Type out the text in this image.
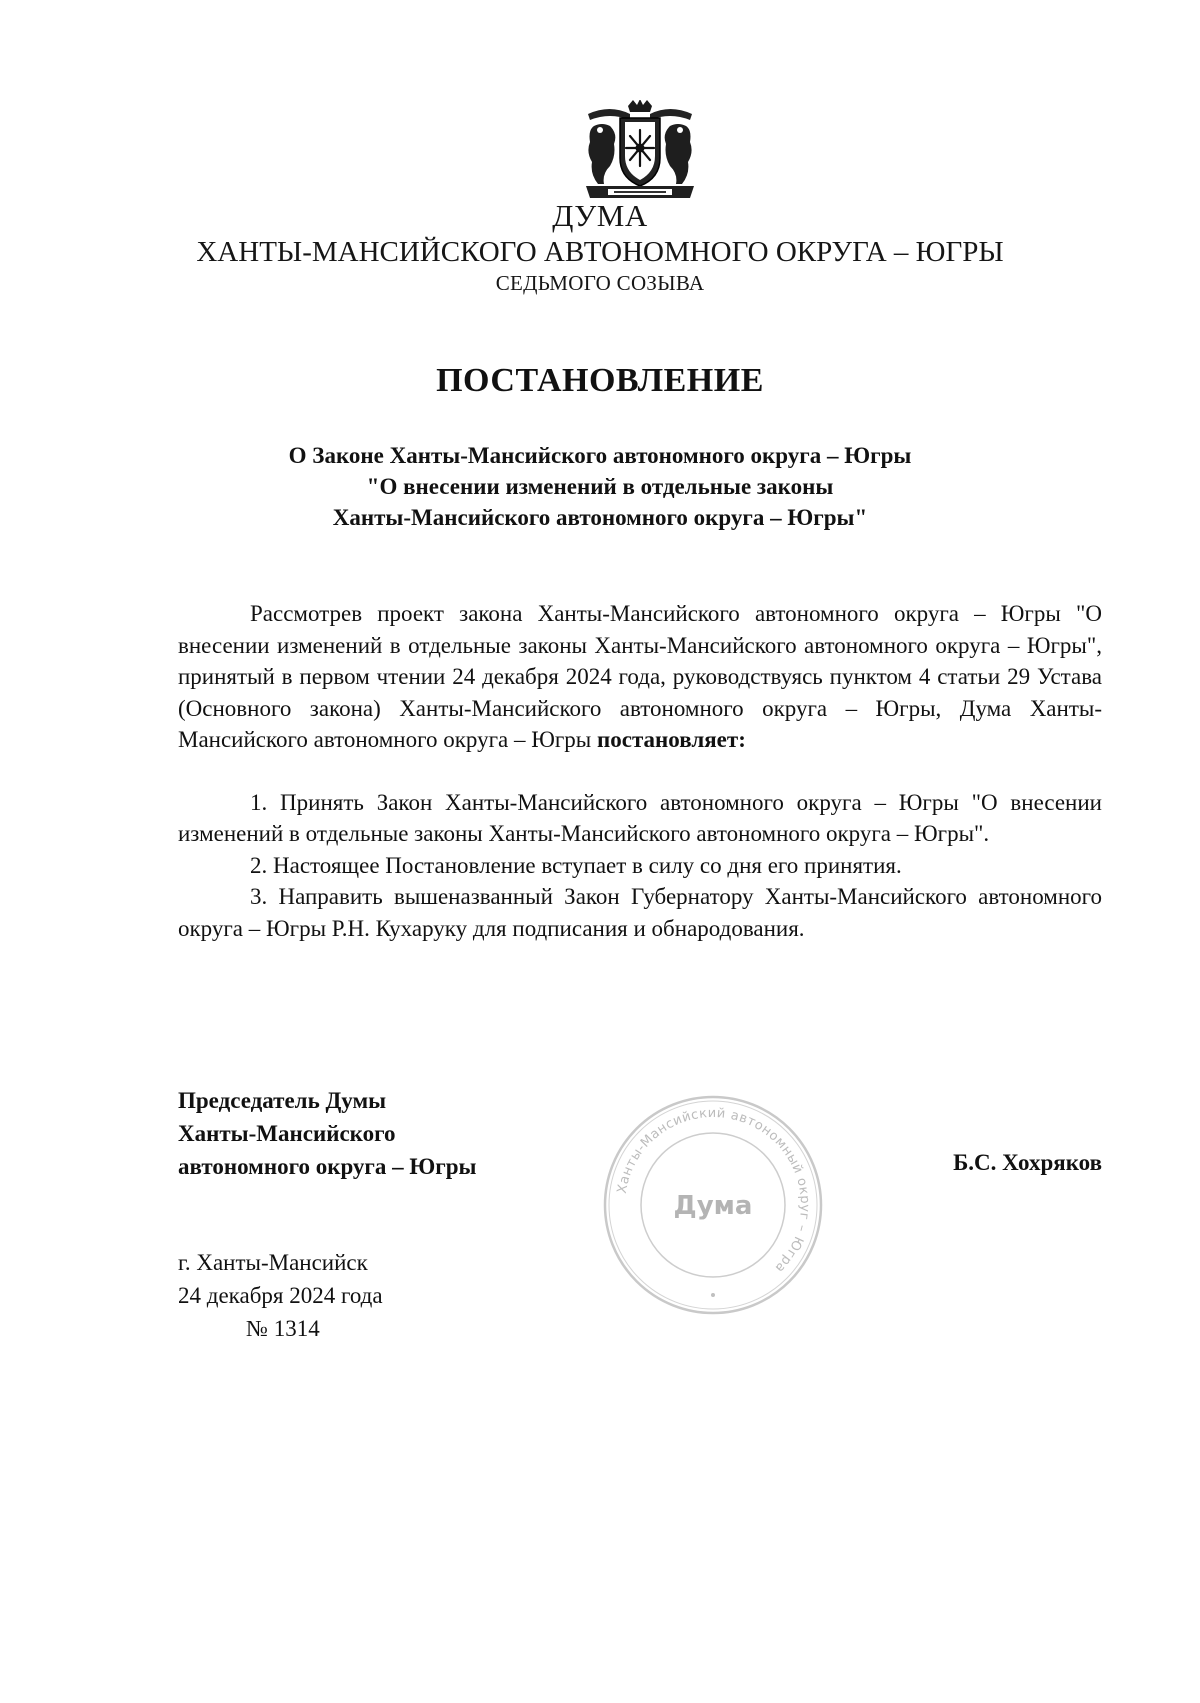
ДУМА

ХАНТЫ-МАНСИЙСКОГО АВТОНОМНОГО ОКРУГА – ЮГРЫ

СЕДЬМОГО СОЗЫВА

ПОСТАНОВЛЕНИЕ
О Законе Ханты-Мансийского автономного округа – Югры
"О внесении изменений в отдельные законы
Ханты-Мансийского автономного округа – Югры"

Рассмотрев проект закона Ханты-Мансийского автономного округа – Югры "О внесении изменений в отдельные законы Ханты-Мансийского автономного округа – Югры", принятый в первом чтении 24 декабря 2024 года, руководствуясь пунктом 4 статьи 29 Устава (Основного закона) Ханты-Мансийского автономного округа – Югры, Дума Ханты-Мансийского автономного округа – Югры постановляет:

1. Принять Закон Ханты-Мансийского автономного округа – Югры "О внесении изменений в отдельные законы Ханты-Мансийского автономного округа – Югры".

2. Настоящее Постановление вступает в силу со дня его принятия.

3. Направить вышеназванный Закон Губернатору Ханты-Мансийского автономного округа – Югры Р.Н. Кухаруку для подписания и обнародования.

Председатель Думы
Ханты-Мансийского
автономного округа – Югры
Ханты-Мансийский автономный округ – Югра
Дума
Б.С. Хохряков
г. Ханты-Мансийск
24 декабря 2024 года
№ 1314
